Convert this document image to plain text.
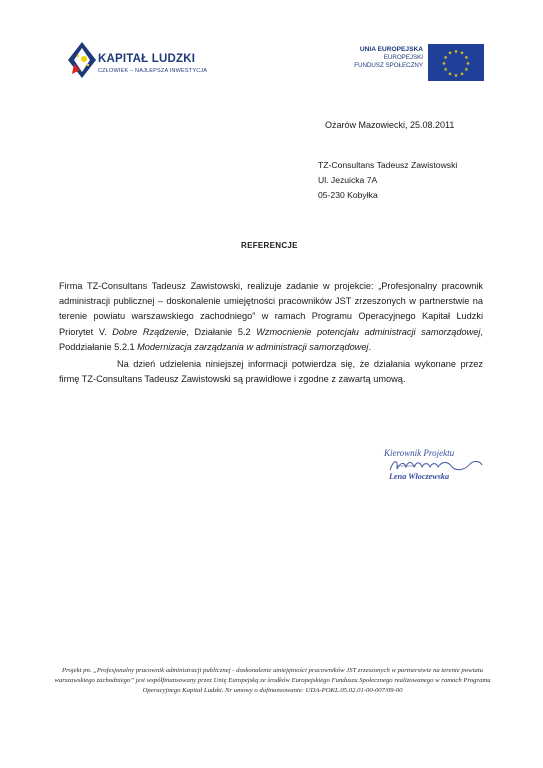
KAPITAŁ LUDZKI
CZŁOWIEK – NAJLEPSZA INWESTYCJA
UNIA EUROPEJSKA
EUROPEJSKI
FUNDUSZ SPOŁECZNY
★ ★
★
★
★
★
★
★
★
★
★
★
Ożarów Mazowiecki, 25.08.2011
TZ-Consultans Tadeusz Zawistowski
Ul. Jezuicka 7A
05-230 Kobyłka
REFERENCJE
Firma TZ-Consultans Tadeusz Zawistowski, realizuje zadanie w projekcie: „Profesjonalny pracownik administracji publicznej – doskonalenie umiejętności pracowników JST zrzeszonych w partnerstwie na terenie powiatu warszawskiego zachodniego” w ramach Programu Operacyjnego Kapitał Ludzki Priorytet V. Dobre Rządzenie, Działanie 5.2 Wzmocnienie potencjału administracji samorządowej, Poddziałanie 5.2.1 Modernizacja zarządzania w administracji samorządowej.
Na dzień udzielenia niniejszej informacji potwierdza się, że działania wykonane przez firmę TZ-Consultans Tadeusz Zawistowski są prawidłowe i zgodne z zawartą umową.
Kierownik Projektu
Lena Włoczewska
Projekt pn. „Profesjonalny pracownik administracji publicznej - doskonalenie umiejętności pracowników JST zrzeszonych w partnerstwie na terenie powiatu warszawskiego zachodniego” jest współfinansowany przez Unię Europejską ze środków Europejskiego Funduszu Społecznego realizowanego w ramach Programu Operacyjnego Kapitał Ludzki. Nr umowy o dofinansowanie: UDA-POKL.05.02.01-00-007/09-00
